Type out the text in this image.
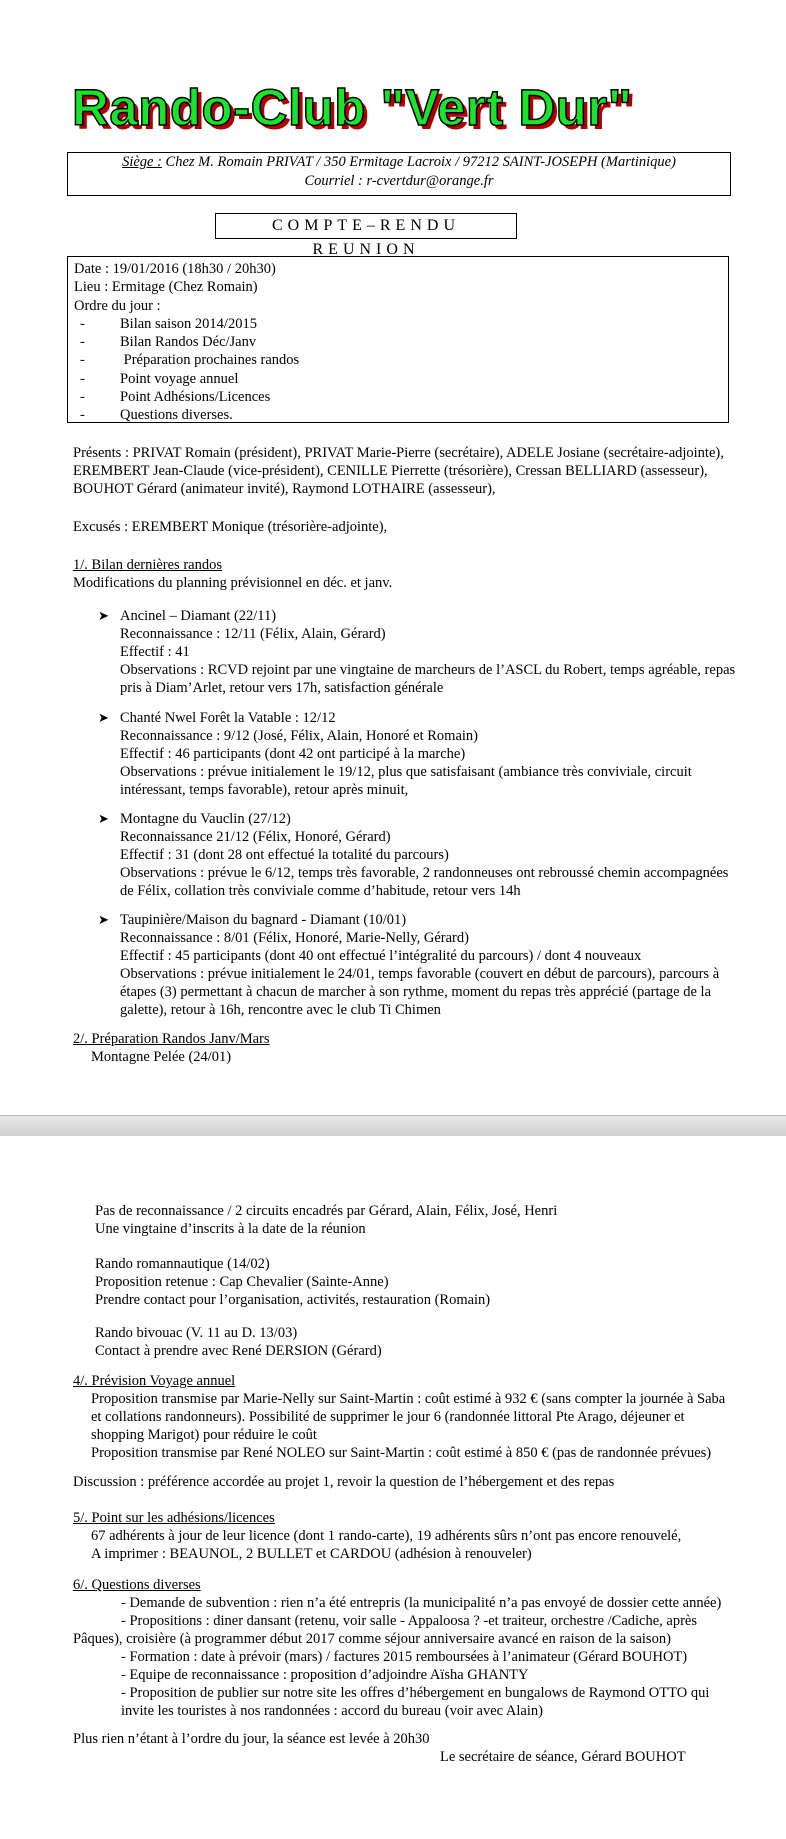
Rando-Club "Vert Dur"
Siège : Chez M. Romain PRIVAT / 350 Ermitage Lacroix / 97212 SAINT-JOSEPH (Martinique)
Courriel : r-cvertdur@orange.fr
COMPTE–RENDU REUNION
Date : 19/01/2016 (18h30 / 20h30)
Lieu : Ermitage (Chez Romain)
Ordre du jour :
- Bilan saison 2014/2015
- Bilan Randos Déc/Janv
- Préparation prochaines randos
- Point voyage annuel
- Point Adhésions/Licences
- Questions diverses.
Présents : PRIVAT Romain (président), PRIVAT Marie-Pierre (secrétaire), ADELE Josiane (secrétaire-adjointe), EREMBERT Jean-Claude (vice-président), CENILLE Pierrette (trésorière), Cressan BELLIARD (assesseur), BOUHOT Gérard (animateur invité), Raymond LOTHAIRE (assesseur),
Excusés : EREMBERT Monique (trésorière-adjointe),

1/. Bilan dernières randos

Modifications du planning prévisionnel en déc. et janv.

➤ Ancinel – Diamant (22/11)
Reconnaissance : 12/11 (Félix, Alain, Gérard)
Effectif : 41
Observations : RCVD rejoint par une vingtaine de marcheurs de l’ASCL du Robert, temps agréable, repas pris à Diam’Arlet, retour vers 17h, satisfaction générale
➤ Chanté Nwel Forêt la Vatable : 12/12
Reconnaissance : 9/12 (José, Félix, Alain, Honoré et Romain)
Effectif : 46 participants (dont 42 ont participé à la marche)
Observations : prévue initialement le 19/12, plus que satisfaisant (ambiance très conviviale, circuit intéressant, temps favorable), retour après minuit,
➤ Montagne du Vauclin (27/12)
Reconnaissance 21/12 (Félix, Honoré, Gérard)
Effectif : 31 (dont 28 ont effectué la totalité du parcours)
Observations : prévue le 6/12, temps très favorable, 2 randonneuses ont rebroussé chemin accompagnées de Félix, collation très conviviale comme d’habitude, retour vers 14h
➤ Taupinière/Maison du bagnard - Diamant (10/01)
Reconnaissance : 8/01 (Félix, Honoré, Marie-Nelly, Gérard)
Effectif : 45 participants (dont 40 ont effectué l’intégralité du parcours) / dont 4 nouveaux
Observations : prévue initialement le 24/01, temps favorable (couvert en début de parcours), parcours à étapes (3) permettant à chacun de marcher à son rythme, moment du repas très apprécié (partage de la galette), retour à 16h, rencontre avec le club Ti Chimen

2/. Préparation Randos Janv/Mars

Montagne Pelée (24/01)

Pas de reconnaissance / 2 circuits encadrés par Gérard, Alain, Félix, José, Henri

Une vingtaine d’inscrits à la date de la réunion

Rando romannautique (14/02)

Proposition retenue : Cap Chevalier (Sainte-Anne)

Prendre contact pour l’organisation, activités, restauration (Romain)

Rando bivouac (V. 11 au D. 13/03)

Contact à prendre avec René DERSION (Gérard)

4/. Prévision Voyage annuel

Proposition transmise par Marie-Nelly sur Saint-Martin : coût estimé à 932 € (sans compter la journée à Saba et collations randonneurs). Possibilité de supprimer le jour 6 (randonnée littoral Pte Arago, déjeuner et shopping Marigot) pour réduire le coût

Proposition transmise par René NOLEO sur Saint-Martin : coût estimé à 850 € (pas de randonnée prévues)

Discussion : préférence accordée au projet 1, revoir la question de l’hébergement et des repas

5/. Point sur les adhésions/licences

67 adhérents à jour de leur licence (dont 1 rando-carte), 19 adhérents sûrs n’ont pas encore renouvelé,

A imprimer : BEAUNOL, 2 BULLET et CARDOU (adhésion à renouveler)

6/. Questions diverses

- Demande de subvention : rien n’a été entrepris (la municipalité n’a pas envoyé de dossier cette année)

- Propositions : diner dansant (retenu, voir salle - Appaloosa ? -et traiteur, orchestre /Cadiche, après

Pâques), croisière (à programmer début 2017 comme séjour anniversaire avancé en raison de la saison)

- Formation : date à prévoir (mars) / factures 2015 remboursées à l’animateur (Gérard BOUHOT)

- Equipe de reconnaissance : proposition d’adjoindre Aïsha GHANTY

- Proposition de publier sur notre site les offres d’hébergement en bungalows de Raymond OTTO qui

invite les touristes à nos randonnées : accord du bureau (voir avec Alain)

Plus rien n’étant à l’ordre du jour, la séance est levée à 20h30
Le secrétaire de séance, Gérard BOUHOT
